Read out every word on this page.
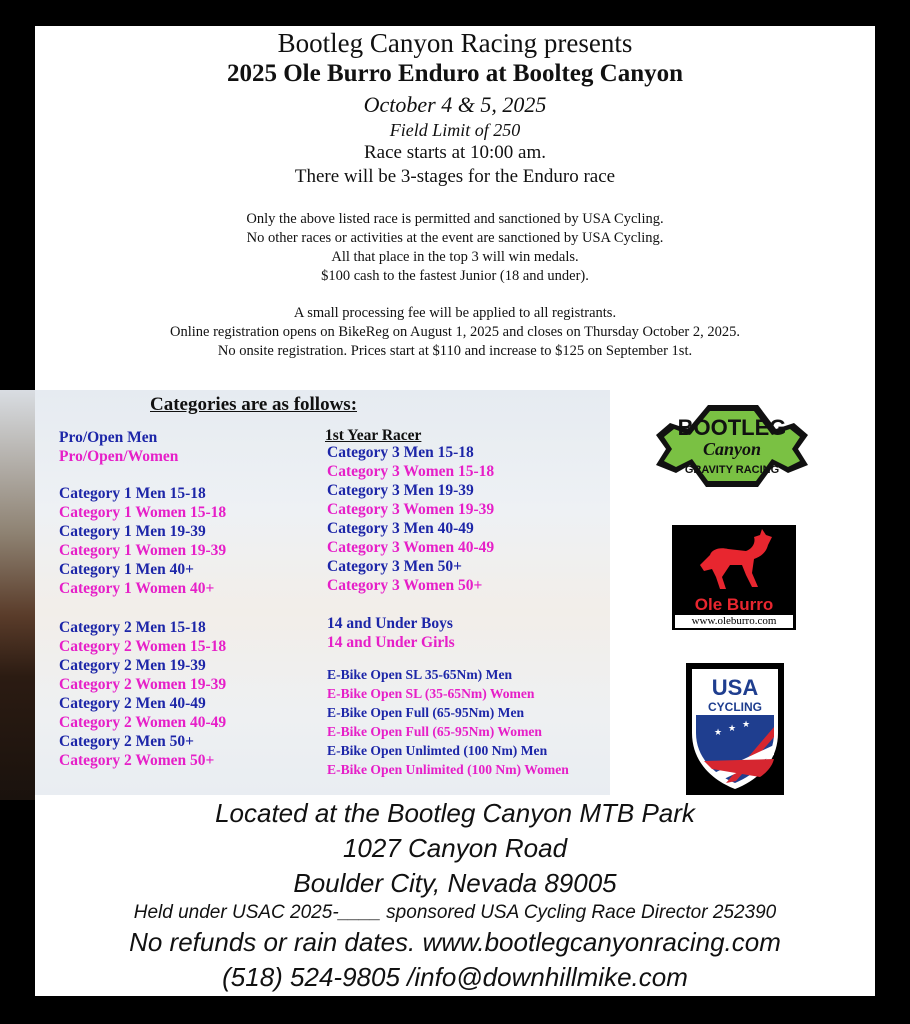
Bootleg Canyon Racing presents
2025 Ole Burro Enduro at Boolteg Canyon
October 4 & 5, 2025
Field Limit of 250
Race starts at 10:00 am.
There will be 3-stages for the Enduro race
Only the above listed race is permitted and sanctioned by USA Cycling.
No other races or activities at the event are sanctioned by USA Cycling.
All that place in the top 3 will win medals.
$100 cash to the fastest Junior (18 and under).
A small processing fee will be applied to all registrants.
Online registration opens on BikeReg on August 1, 2025 and closes on Thursday October 2, 2025.
No onsite registration. Prices start at $110 and increase to $125 on September 1st.
Categories are as follows:
Pro/Open Men
Pro/Open/Women
Category 1 Men 15-18
Category 1 Women 15-18
Category 1 Men 19-39
Category 1 Women 19-39
Category 1 Men 40+
Category 1 Women 40+
Category 2 Men 15-18
Category 2 Women 15-18
Category 2 Men 19-39
Category 2 Women 19-39
Category 2 Men 40-49
Category 2 Women 40-49
Category 2 Men 50+
Category 2 Women 50+
1st Year Racer
Category 3 Men 15-18
Category 3 Women 15-18
Category 3 Men 19-39
Category 3 Women 19-39
Category 3 Men 40-49
Category 3 Women 40-49
Category 3 Men 50+
Category 3 Women 50+
14 and Under Boys
14 and Under Girls
E-Bike Open SL 35-65Nm) Men
E-Bike Open SL (35-65Nm) Women
E-Bike Open Full (65-95Nm) Men
E-Bike Open Full (65-95Nm) Women
E-Bike Open Unlimted (100 Nm) Men
E-Bike Open Unlimited (100 Nm) Women
BOOTLEG
Canyon
GRAVITY RACING
Ole Burro
www.oleburro.com
USA
CYCLING
★ ★ ★
Located at the Bootleg Canyon MTB Park
1027 Canyon Road
Boulder City, Nevada 89005
Held under USAC 2025-____ sponsored USA Cycling Race Director 252390
No refunds or rain dates. www.bootlegcanyonracing.com
(518) 524-9805 /info@downhillmike.com
